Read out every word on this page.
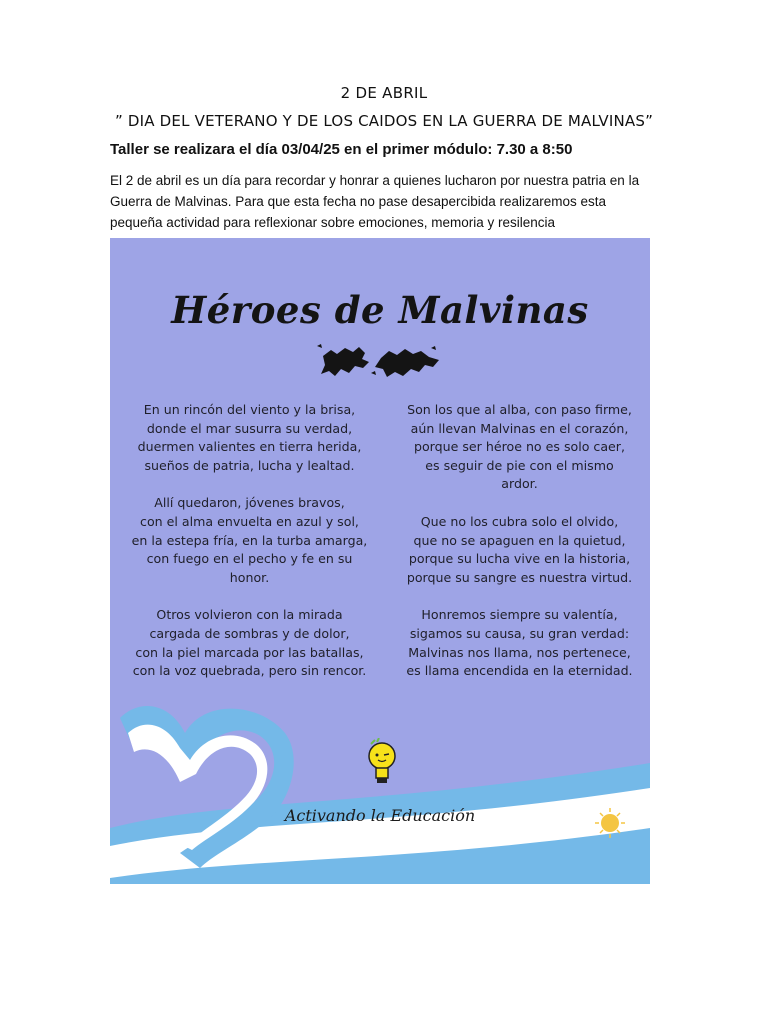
2 DE ABRIL
” DIA DEL VETERANO Y DE LOS CAIDOS EN LA GUERRA DE MALVINAS”
Taller se realizara el día 03/04/25 en el primer módulo: 7.30 a 8:50
El 2 de abril es un día para recordar y honrar a quienes lucharon por nuestra patria en la Guerra de Malvinas. Para que esta fecha no pase desapercibida realizaremos esta pequeña actividad para reflexionar sobre emociones, memoria y resilencia
Héroes de Malvinas

En un rincón del viento y la brisa,
donde el mar susurra su verdad,
duermen valientes en tierra herida,
sueños de patria, lucha y lealtad.

Allí quedaron, jóvenes bravos,
con el alma envuelta en azul y sol,
en la estepa fría, en la turba amarga,
con fuego en el pecho y fe en su
honor.

Otros volvieron con la mirada
cargada de sombras y de dolor,
con la piel marcada por las batallas,
con la voz quebrada, pero sin rencor.

Son los que al alba, con paso firme,
aún llevan Malvinas en el corazón,
porque ser héroe no es solo caer,
es seguir de pie con el mismo
ardor.

Que no los cubra solo el olvido,
que no se apaguen en la quietud,
porque su lucha vive en la historia,
porque su sangre es nuestra virtud.

Honremos siempre su valentía,
sigamos su causa, su gran verdad:
Malvinas nos llama, nos pertenece,
es llama encendida en la eternidad.

Activando la Educación
